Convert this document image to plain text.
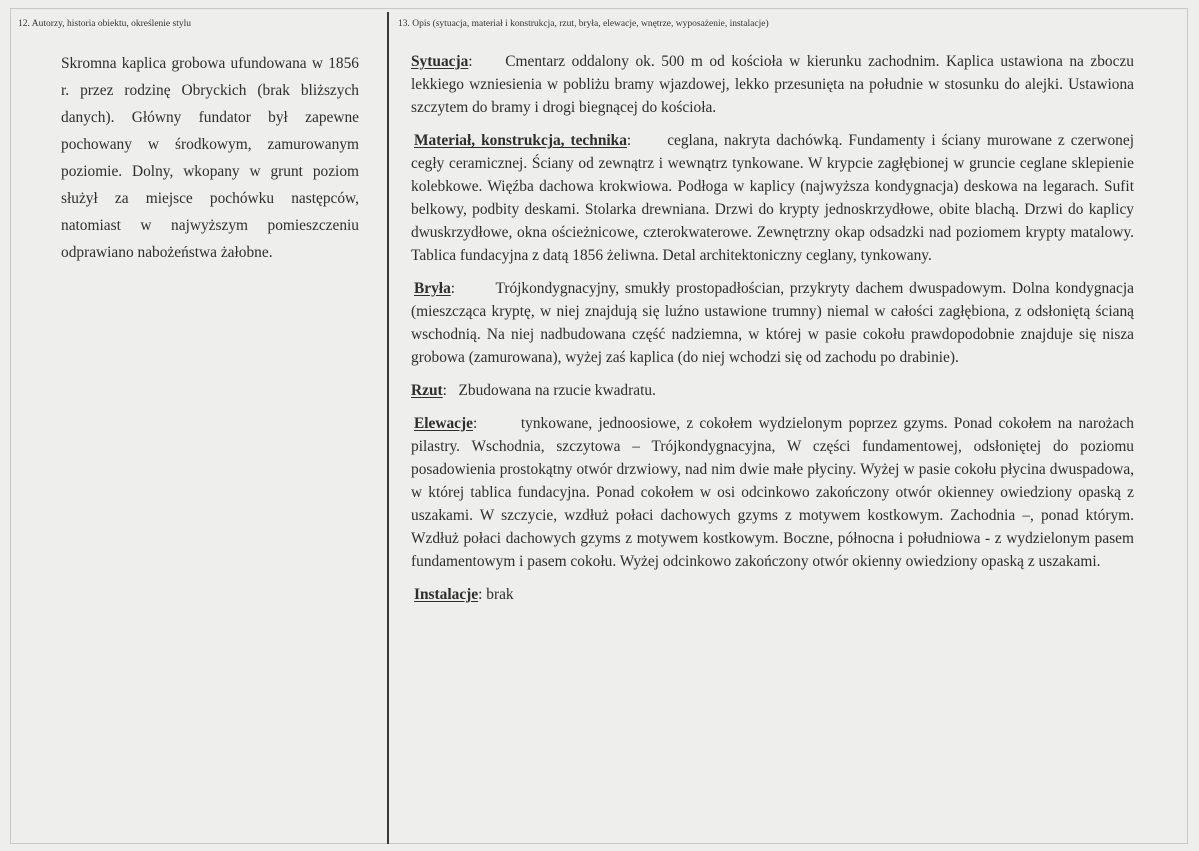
12. Autorzy, historia obiektu, określenie stylu
Skromna kaplica grobowa ufundowana w 1856 r. przez rodzinę Obryckich (brak bliższych danych). Główny fundator był zapewne pochowany w środkowym, zamurowanym poziomie. Dolny, wkopany w grunt poziom służył za miejsce pochówku następców, natomiast w najwyższym pomieszczeniu odprawiano nabożeństwa żałobne.
13. Opis (sytuacja, materiał i konstrukcja, rzut, bryła, elewacje, wnętrze, wyposażenie, instalacje)
Sytuacja: Cmentarz oddalony ok. 500 m od kościoła w kierunku zachodnim. Kaplica ustawiona na zboczu lekkiego wzniesienia w pobliżu bramy wjazdowej, lekko przesunięta na południe w stosunku do alejki. Ustawiona szczytem do bramy i drogi biegnącej do kościoła.
Materiał, konstrukcja, technika: ceglana, nakryta dachówką. Fundamenty i ściany murowane z czerwonej cegły ceramicznej. Ściany od zewnątrz i wewnątrz tynkowane. W krypcie zagłębionej w gruncie ceglane sklepienie kolebkowe. Więźba dachowa krokwiowa. Podłoga w kaplicy (najwyższa kondygnacja) deskowa na legarach. Sufit belkowy, podbity deskami. Stolarka drewniana. Drzwi do krypty jednoskrzydłowe, obite blachą. Drzwi do kaplicy dwuskrzydłowe, okna ościeżnicowe, czterokwaterowe. Zewnętrzny okap odsadzki nad poziomem krypty matalowy. Tablica fundacyjna z datą 1856 żeliwna. Detal architektoniczny ceglany, tynkowany.
Bryła:	Trójkondygnacyjny, smukły prostopadłościan, przykryty dachem dwuspadowym. Dolna kondygnacja (mieszcząca kryptę, w niej znajdują się luźno ustawione trumny) niemal w całości zagłębiona, z odsłoniętą ścianą wschodnią. Na niej nadbudowana część nadziemna, w której w pasie cokołu prawdopodobnie znajduje się nisza grobowa (zamurowana), wyżej zaś kaplica (do niej wchodzi się od zachodu po drabinie).
Rzut: Zbudowana na rzucie kwadratu.
Elewacje:	tynkowane, jednoosiowe, z cokołem wydzielonym poprzez gzyms. Ponad cokołem na narożach pilastry. Wschodnia, szczytowa – Trójkondygnacyjna, W części fundamentowej, odsłoniętej do poziomu posadowienia prostokątny otwór drzwiowy, nad nim dwie małe płyciny. Wyżej w pasie cokołu płycina dwuspadowa, w której tablica fundacyjna. Ponad cokołem w osi odcinkowo zakończony otwór okienney owiedziony opaską z uszakami. W szczycie, wzdłuż połaci dachowych gzyms z motywem kostkowym. Zachodnia –, ponad którym. Wzdłuż połaci dachowych gzyms z motywem kostkowym. Boczne, północna i południowa - z wydzielonym pasem fundamentowym i pasem cokołu. Wyżej odcinkowo zakończony otwór okienny owiedziony opaską z uszakami.
Instalacje: brak
